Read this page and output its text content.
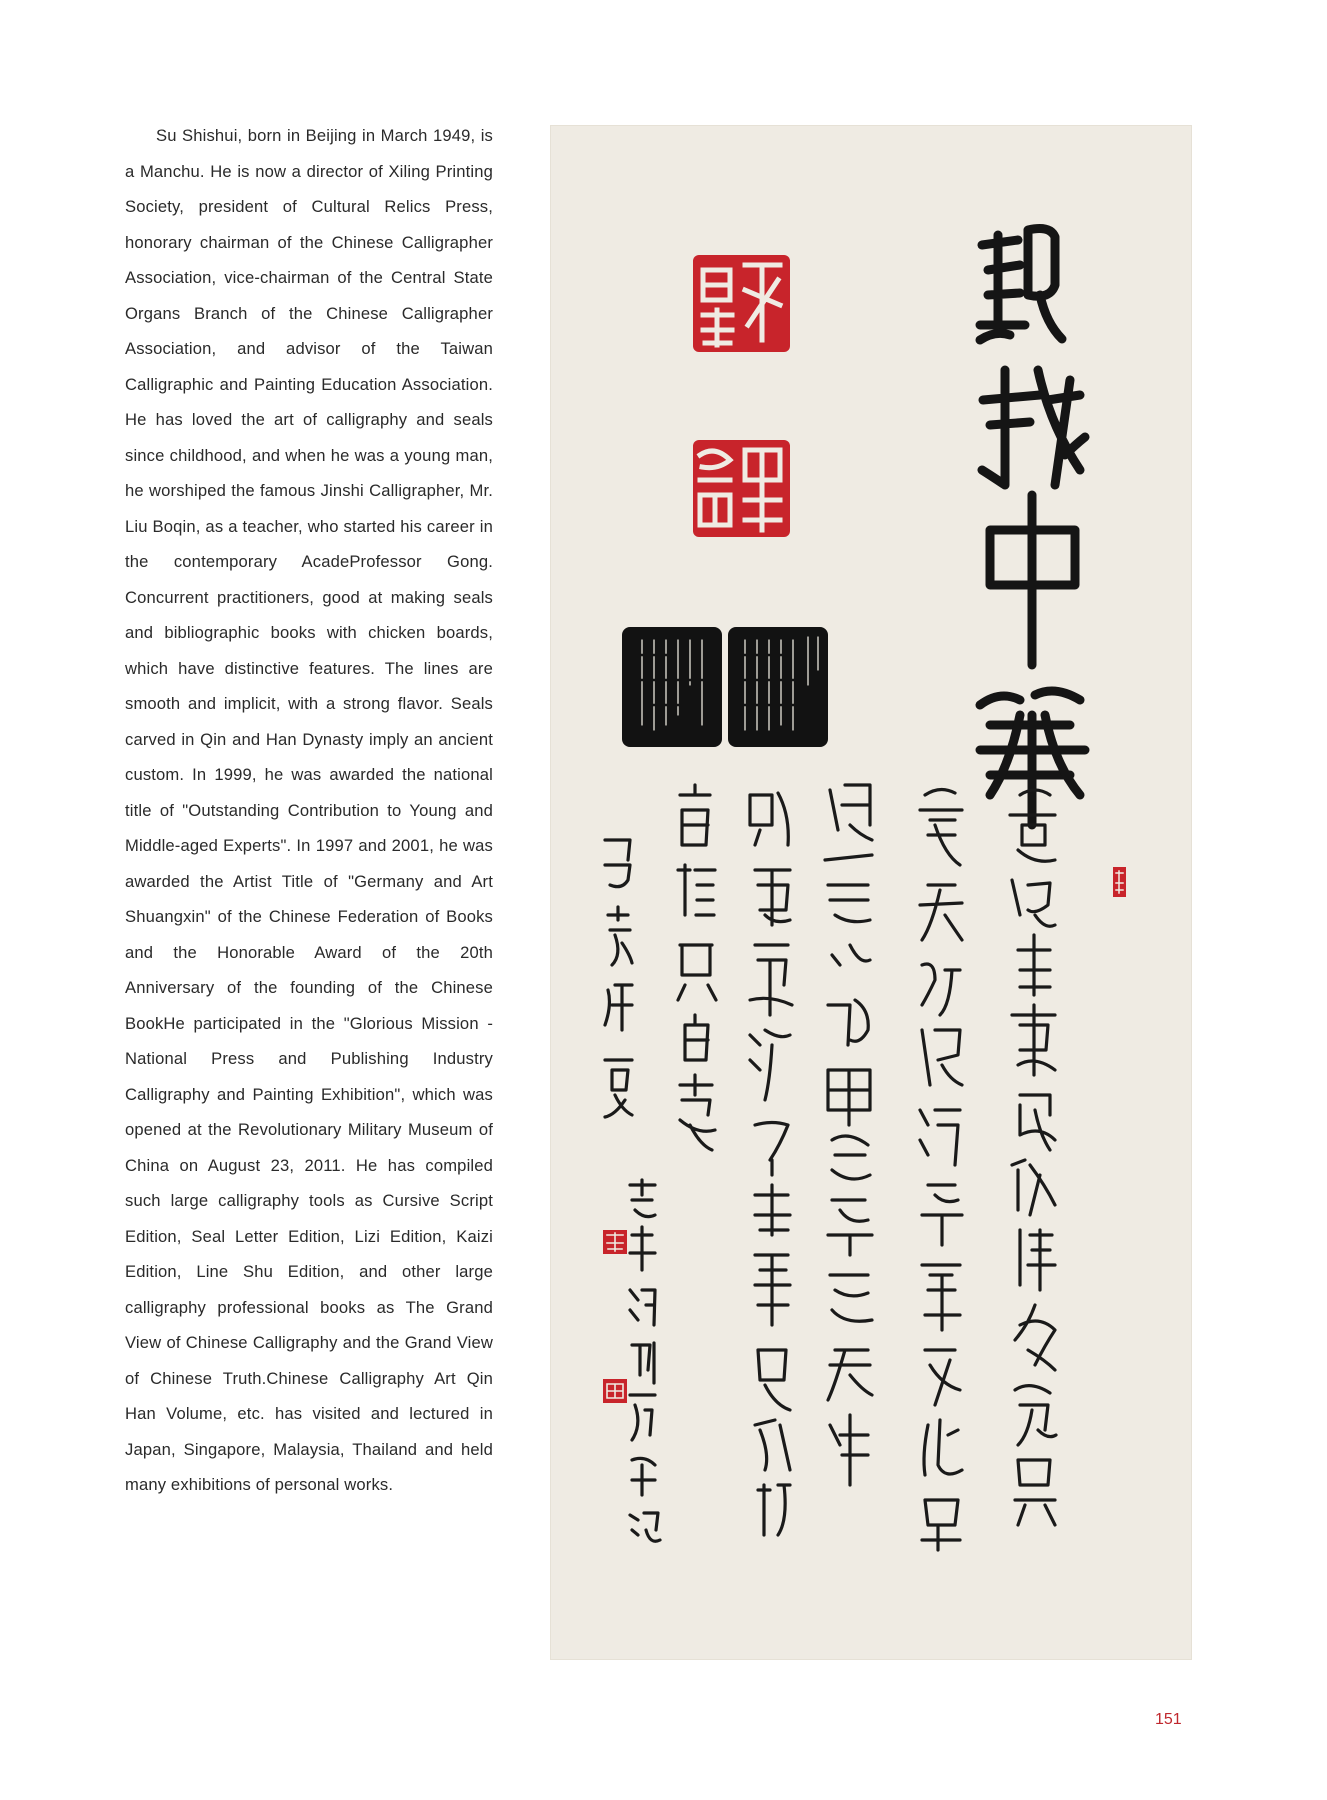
Su Shishui, born in Beijing in March 1949, is a Manchu. He is now a director of Xiling Printing Society, president of Cultural Relics Press, honorary chairman of the Chinese Calligrapher Association, vice-chairman of the Central State Organs Branch of the Chinese Calligrapher Association, and advisor of the Taiwan Calligraphic and Painting Education Association. He has loved the art of calligraphy and seals since childhood, and when he was a young man, he worshiped the famous Jinshi Calligrapher, Mr. Liu Boqin, as a teacher, who started his career in the contemporary AcadeProfessor Gong. Concurrent practitioners, good at making seals and bibliographic books with chicken boards, which have distinctive features. The lines are smooth and implicit, with a strong flavor. Seals carved in Qin and Han Dynasty imply an ancient custom. In 1999, he was awarded the national title of "Outstanding Contribution to Young and Middle-aged Experts". In 1997 and 2001, he was awarded the Artist Title of "Germany and Art Shuangxin" of the Chinese Federation of Books and the Honorable Award of the 20th Anniversary of the founding of the Chinese BookHe participated in the "Glorious Mission - National Press and Publishing Industry Calligraphy and Painting Exhibition", which was opened at the Revolutionary Military Museum of China on August 23, 2011. He has compiled such large calligraphy tools as Cursive Script Edition, Seal Letter Edition, Lizi Edition, Kaizi Edition, Line Shu Edition, and other large calligraphy professional books as The Grand View of Chinese Calligraphy and the Grand View of Chinese Truth.Chinese Calligraphy Art Qin Han Volume, etc. has visited and lectured in Japan, Singapore, Malaysia, Thailand and held many exhibitions of personal works.

151
